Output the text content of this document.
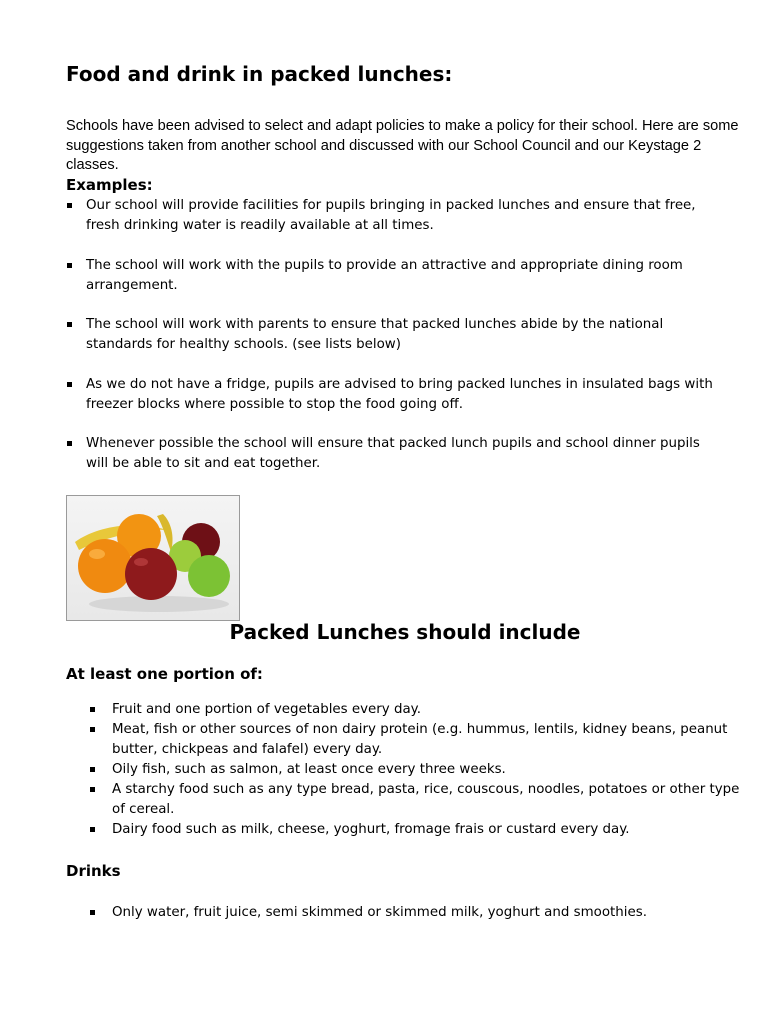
Food and drink in packed lunches:

Schools have been advised to select and adapt policies to make a policy for their school. Here are some suggestions taken from another school and discussed with our School Council and our Keystage 2 classes.

Examples:
Our school will provide facilities for pupils bringing in packed lunches and ensure that free, fresh drinking water is readily available at all times.
The school will work with the pupils to provide an attractive and appropriate dining room arrangement.
The school will work with parents to ensure that packed lunches abide by the national standards for healthy schools. (see lists below)
As we do not have a fridge, pupils are advised to bring packed lunches in insulated bags with freezer blocks where possible to stop the food going off.
Whenever possible the school will ensure that packed lunch pupils and school dinner pupils will be able to sit and eat together.
Packed Lunches should include
At least one portion of:
Fruit and one portion of vegetables every day.
Meat, fish or other sources of non dairy protein (e.g. hummus, lentils, kidney beans, peanut butter, chickpeas and falafel) every day.
Oily fish, such as salmon, at least once every three weeks.
A starchy food such as any type bread, pasta, rice, couscous, noodles, potatoes or other type of cereal.
Dairy food such as milk, cheese, yoghurt, fromage frais or custard every day.
Drinks
Only water, fruit juice, semi skimmed or skimmed milk, yoghurt and smoothies.
